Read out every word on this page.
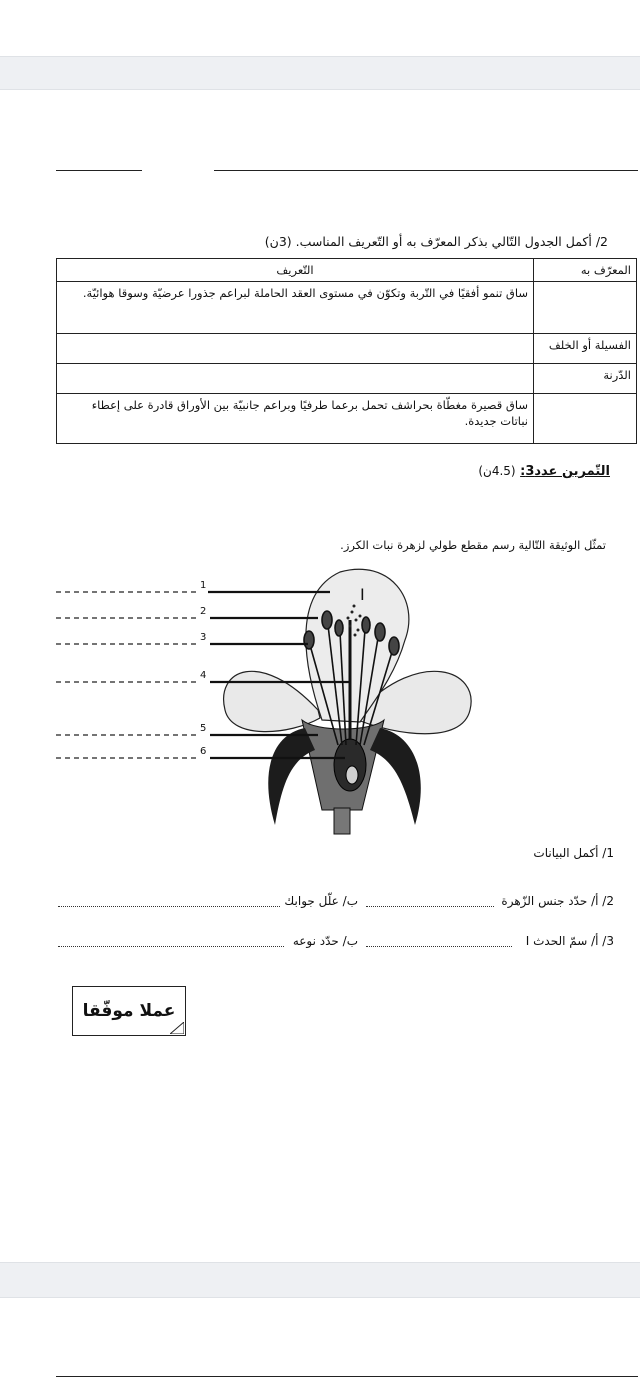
2/ أكمل الجدول التّالي بذكر المعرّف به أو التّعريف المناسب. (3ن)
المعرّف به	التّعريف
	ساق تنمو أفقيًا في التّربة وتكوّن في مستوى العقد الحاملة لبراعم جذورا عرضيّة وسوقا هوائيّة.
الفسيلة أو الخلف	
الدّرنة	
	ساق قصيرة مغطّاة بحراشف تحمل برعما طرفيًا وبراعم جانبيّة بين الأوراق قادرة على إعطاء نباتات جديدة.
التّمرين عدد3: (4.5ن)
تمثّل الوثيقة التّالية رسم مقطع طولي لزهرة نبات الكرز.
I
1
2
3
4
5
6
1/ أكمل البيانات
2/ أ/ حدّد جنس الزّهرة
ب/ علّل جوابك
3/ أ/ سمّ الحدث I
ب/ حدّد نوعه
عملا موفّقا
